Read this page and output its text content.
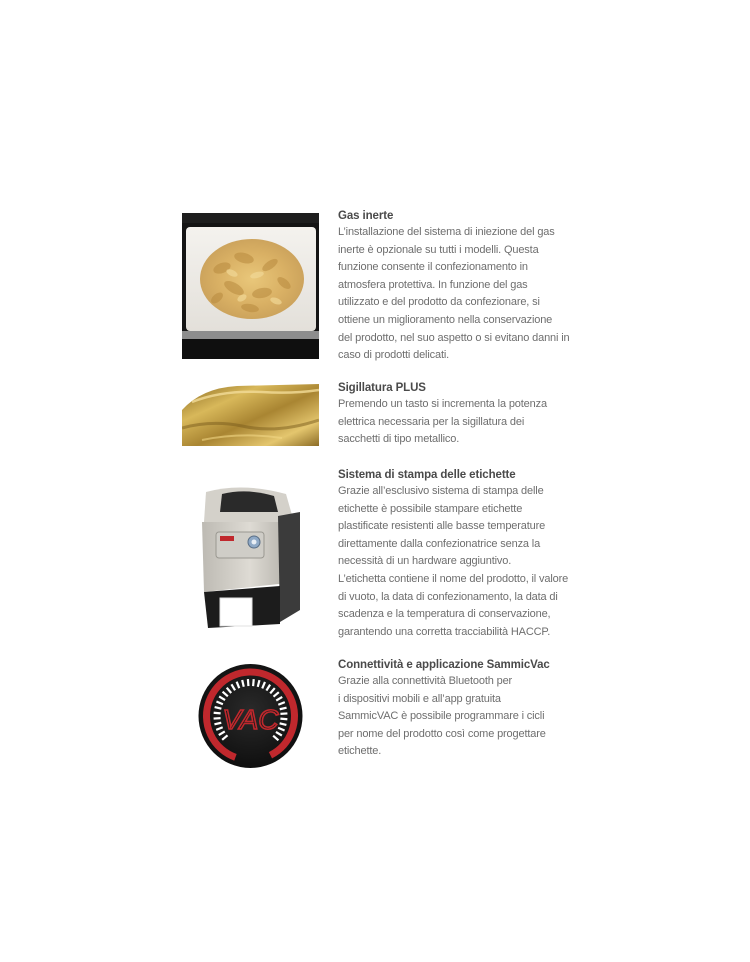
Gas inerte

L’installazione del sistema di iniezione del gas

inerte è opzionale su tutti i modelli. Questa

funzione consente il confezionamento in

atmosfera protettiva. In funzione del gas

utilizzato e del prodotto da confezionare, si

ottiene un miglioramento nella conservazione

del prodotto, nel suo aspetto o si evitano danni in

caso di prodotti delicati.

Sigillatura PLUS

Premendo un tasto si incrementa la potenza

elettrica necessaria per la sigillatura dei

sacchetti di tipo metallico.

Sistema di stampa delle etichette

Grazie all’esclusivo sistema di stampa delle

etichette è possibile stampare etichette

plastificate resistenti alle basse temperature

direttamente dalla confezionatrice senza la

necessità di un hardware aggiuntivo.

L’etichetta contiene il nome del prodotto, il valore

di vuoto, la data di confezionamento, la data di

scadenza e la temperatura di conservazione,

garantendo una corretta tracciabilità HACCP.

VAC

Connettività e applicazione SammicVac

Grazie alla connettività Bluetooth per

i dispositivi mobili e all’app gratuita

SammicVAC è possibile programmare i cicli

per nome del prodotto così come progettare

etichette.
